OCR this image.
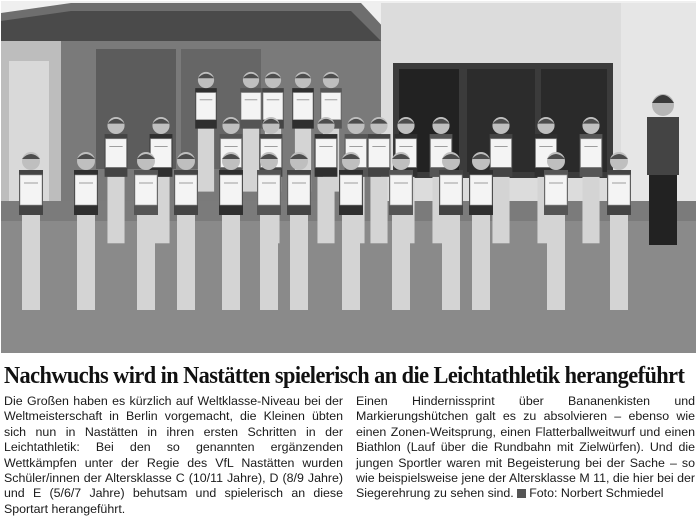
Nachwuchs wird in Nastätten spielerisch an die Leichtathletik herangeführt

Die Großen haben es kürzlich auf Weltklasse-Niveau bei der Weltmeisterschaft in Berlin vorgemacht, die Kleinen übten sich nun in Nastätten in ihren ersten Schritten in der Leichtathletik: Bei den so genannten ergänzenden Wettkämpfen unter der Regie des VfL Nastätten wurden Schüler/innen der Altersklasse C (10/11 Jahre), D (8/9 Jahre) und E (5/6/7 Jahre) behutsam und spielerisch an diese Sportart herangeführt.

Einen Hindernissprint über Bananenkisten und Markierungshütchen galt es zu absolvieren – ebenso wie einen Zonen-Weitsprung, einen Flatterballweitwurf und einen Biathlon (Lauf über die Rundbahn mit Zielwürfen). Und die jungen Sportler waren mit Begeisterung bei der Sache – so wie beispielsweise jene der Altersklasse M 11, die hier bei der Siegerehrung zu sehen sind. Foto: Norbert Schmiedel
